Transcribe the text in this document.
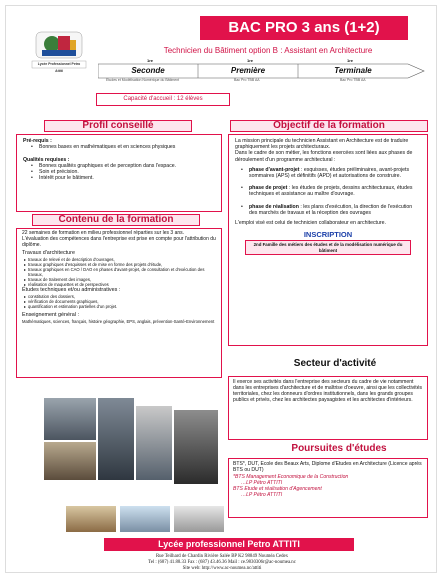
Lycée Professionnel Petro Attiti
BAC PRO 3 ans (1+2)
Technicien du Bâtiment option B : Assistant en Architecture
1re	1re	1re
Seconde	Première	Terminale
Etudes et Modélisation Numérique du Bâtiment	Bac Pro TBB AA	Bac Pro TBB AA
Capacité d'accueil : 12 élèves
Profil conseillé
Pré-requis :
• Bonnes bases en mathématiques et en sciences physiques
Qualités requises :
• Bonnes qualités graphiques et de perception dans l'espace.
• Soin et précision.
• Intérêt pour le bâtiment.
Contenu de la formation
22 semaines de formation en milieu professionnel réparties sur les 3 ans.
L'évaluation des compétences dans l'entreprise est prise en compte pour l'attribution du diplôme.
Travaux d'architecture
▸ travaux de relevé et de description d'ouvrages,
▸ travaux graphiques d'esquisses et de mise en forme des projets d'étude,
▸ travaux graphiques en CAO / DAO en phases d'avant-projet, de consultation et d'exécution des travaux,
▸ travaux de traitement des images,
▸ réalisation de maquettes et de perspectives
Études techniques et/ou administratives :
▸ constitution des dossiers,
▸ vérification de documents graphiques,
▸ quantification et estimation partielles d'un projet.
Enseignement général :
Mathématiques, sciences, français, histoire géographie, EPS, anglais, prévention-Santé-Environnement
Objectif de la formation
La mission principale du technicien Assistant en Architecture est de traduire graphiquement les projets architecturaux.
Dans le cadre de son métier, les fonctions exercées sont liées aux phases de déroulement d'un programme architectural :
• phase d'avant-projet : esquisses, études préliminaires, avant-projets sommaires (APS) et définitifs (APD) et autorisations de construire.
• phase de projet : les études de projets, dessins architecturaux, études techniques et assistance au maître d'ouvrage.
• phase de réalisation : les plans d'exécution, la direction de l'exécution des marchés de travaux et la réception des ouvrages
L'emploi visé est celui de technicien collaborateur en architecture.
INSCRIPTION
2nd Famille des métiers des études et de la modélisation numérique du bâtiment
Secteur d'activité
Il exerce ses activités dans l'entreprise des secteurs du cadre de vie notamment dans les entreprises d'architecture et de maîtrise d'oeuvre, ainsi que les collectivités territoriales, chez les donneurs d'ordres institutionnels, dans les grands groupes publics et privés, chez les architectes paysagistes et les architectes d'intérieurs.
Poursuites d'études
BTS*, DUT, Ecole des Beaux Arts, Diplome d'Etudes en Architecture (Licence après BTS ou DUT)
*BTS Management Economique de la Construction
…LP Pétro ATTITI
BTS Etude et réalisation d'Agencement
…LP Pétro ATTITI
Lycée professionnel Petro ATTITI
Rue Teilhard de Chardin Rivière Salée BP K2 98849 Nouméa Cedex
Tel : (687) 41.88.33 Fax : (687) 43.46.36 Mail : ce.9830306r@ac-noumea.nc
Site web: http://www.ac-noumea.nc/attiti
